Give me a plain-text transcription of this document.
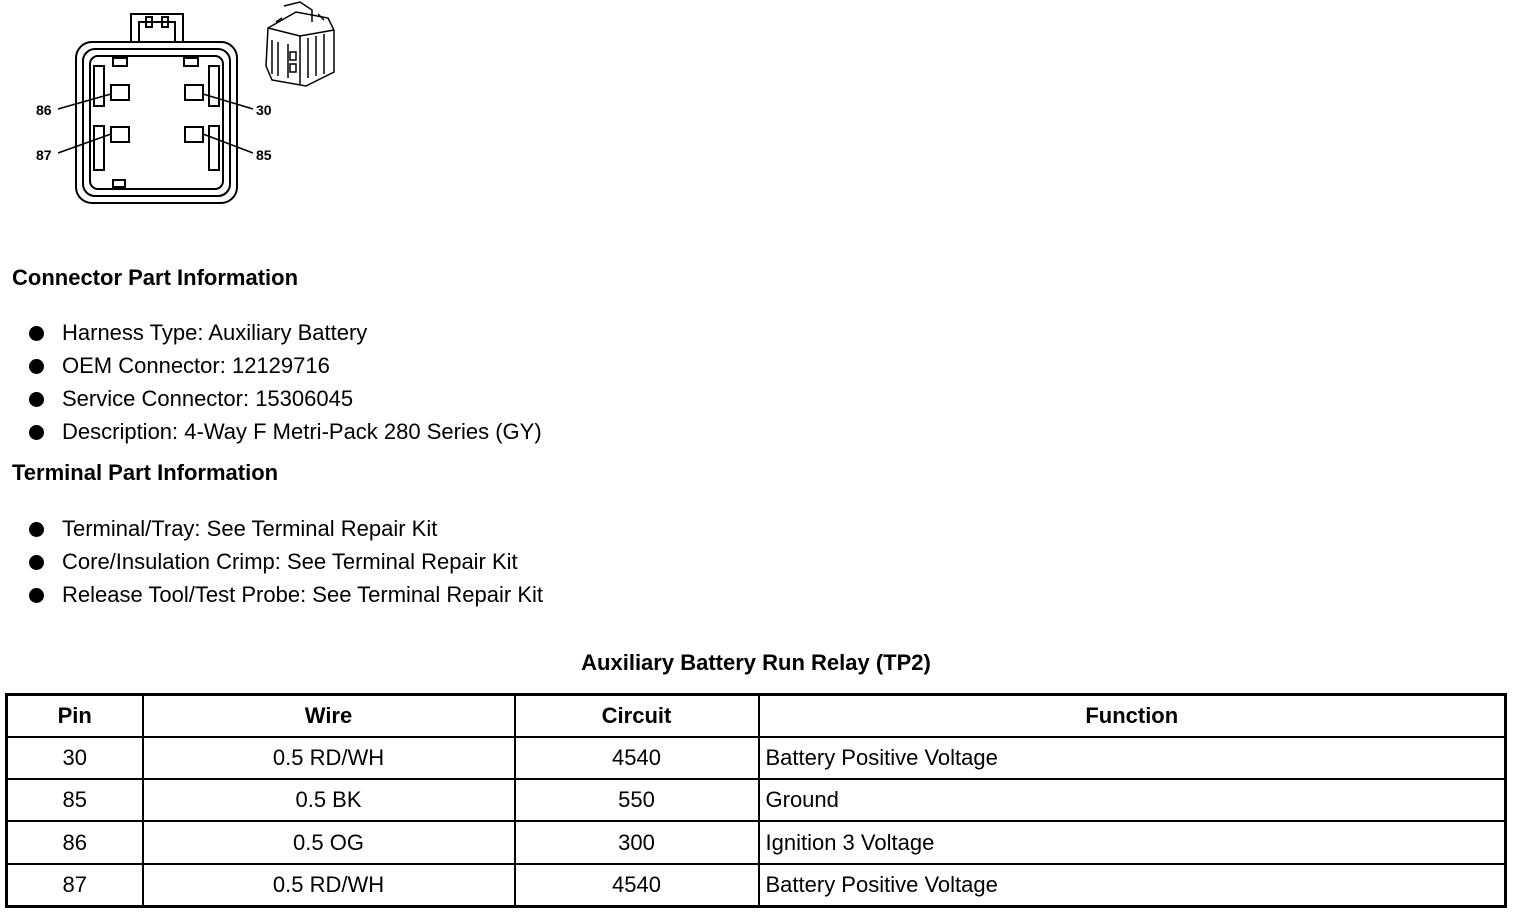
86
87
30
85
Connector Part Information
Harness Type: Auxiliary Battery
OEM Connector: 12129716
Service Connector: 15306045
Description: 4-Way F Metri-Pack 280 Series (GY)
Terminal Part Information
Terminal/Tray: See Terminal Repair Kit
Core/Insulation Crimp: See Terminal Repair Kit
Release Tool/Test Probe: See Terminal Repair Kit
Auxiliary Battery Run Relay (TP2)
Pin	Wire	Circuit	Function
30	0.5 RD/WH	4540	Battery Positive Voltage
85	0.5 BK	550	Ground
86	0.5 OG	300	Ignition 3 Voltage
87	0.5 RD/WH	4540	Battery Positive Voltage
